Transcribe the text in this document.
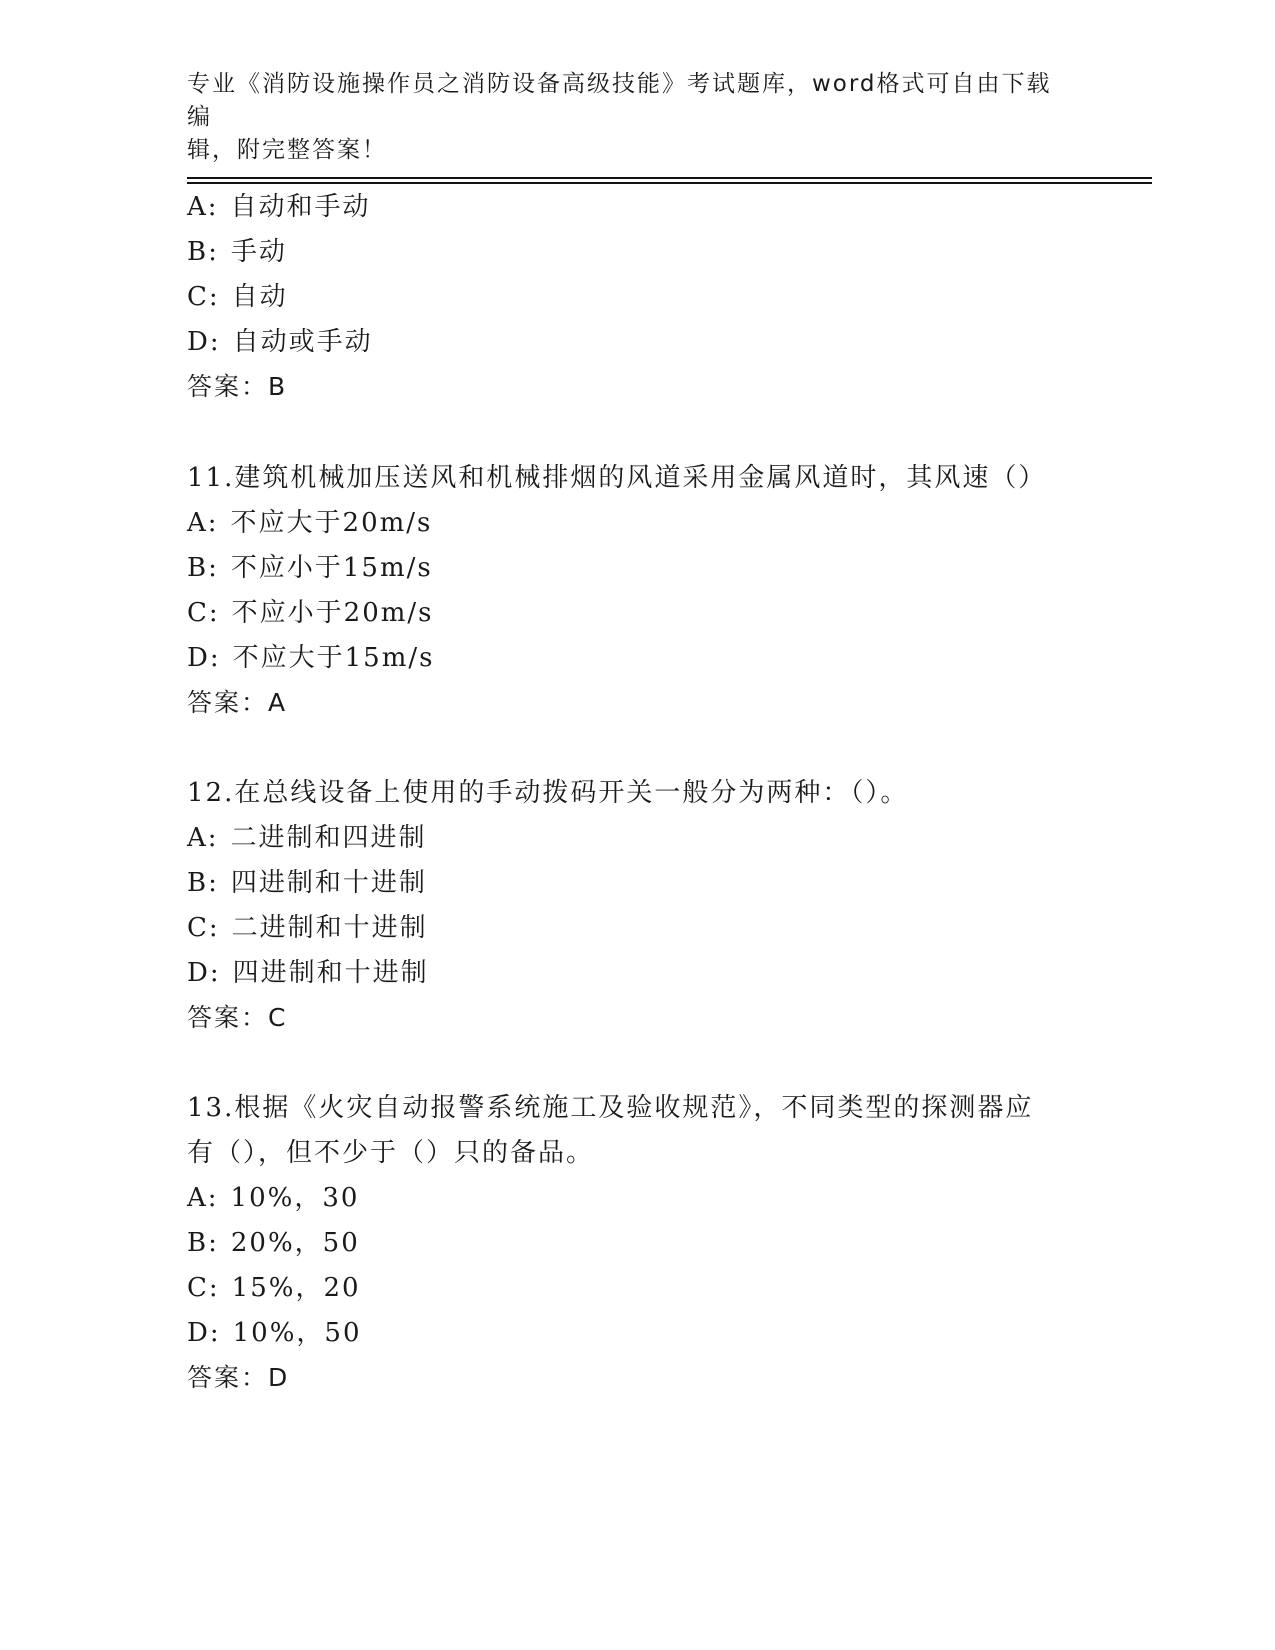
专业《消防设施操作员之消防设备高级技能》考试题库，word格式可自由下载编
辑，附完整答案！
A: 自动和手动
B: 手动
C: 自动
D: 自动或手动
答案：B
11.建筑机械加压送风和机械排烟的风道采用金属风道时，其风速（）
A: 不应大于20m/s
B: 不应小于15m/s
C: 不应小于20m/s
D: 不应大于15m/s
答案：A
12.在总线设备上使用的手动拨码开关一般分为两种：（）。
A: 二进制和四进制
B: 四进制和十进制
C: 二进制和十进制
D: 四进制和十进制
答案：C
13.根据《火灾自动报警系统施工及验收规范》，不同类型的探测器应
有（），但不少于（）只的备品。
A: 10%，30
B: 20%，50
C: 15%，20
D: 10%，50
答案：D
